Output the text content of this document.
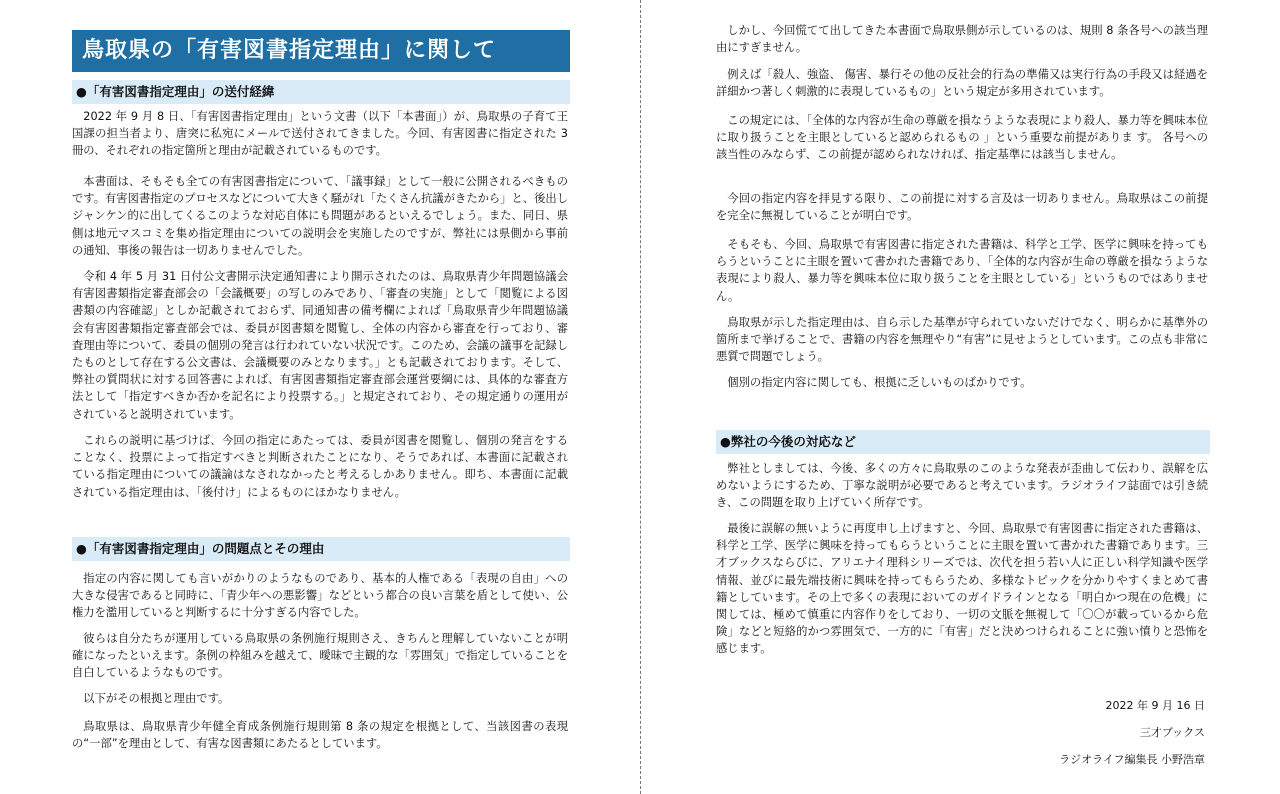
鳥取県の「有害図書指定理由」に関して
●「有害図書指定理由」の送付経緯

2022 年 9 月 8 日、「有害図書指定理由」という文書（以下「本書面」）が、鳥取県の子育て王国課の担当者より、唐突に私宛にメールで送付されてきました。今回、有害図書に指定された 3 冊の、それぞれの指定箇所と理由が記載されているものです。

本書面は、そもそも全ての有害図書指定について、「議事録」として一般に公開されるべきものです。有害図書指定のプロセスなどについて大きく騒がれ「たくさん抗議がきたから」と、後出しジャンケン的に出してくるこのような対応自体にも問題があるといえるでしょう。また、同日、県側は地元マスコミを集め指定理由についての説明会を実施したのですが、弊社には県側から事前の通知、事後の報告は一切ありませんでした。

令和 4 年 5 月 31 日付公文書開示決定通知書により開示されたのは、鳥取県青少年問題協議会有害図書類指定審査部会の「会議概要」の写しのみであり、「審査の実施」として「閲覧による図書類の内容確認」としか記載されておらず、同通知書の備考欄によれば「鳥取県青少年問題協議会有害図書類指定審査部会では、委員が図書類を閲覧し、全体の内容から審査を行っており、審査理由等について、委員の個別の発言は行われていない状況です。このため、会議の議事を記録したものとして存在する公文書は、会議概要のみとなります。」とも記載されております。そして、弊社の質問状に対する回答書によれば、有害図書類指定審査部会運営要綱には、具体的な審査方法として「指定すべきか否かを記名により投票する。」と規定されており、その規定通りの運用がされていると説明されています。

これらの説明に基づけば、今回の指定にあたっては、委員が図書を閲覧し、個別の発言をすることなく、投票によって指定すべきと判断されたことになり、そうであれば、本書面に記載されている指定理由についての議論はなされなかったと考えるしかありません。即ち、本書面に記載されている指定理由は、「後付け」によるものにほかなりません。

●「有害図書指定理由」の問題点とその理由

指定の内容に関しても言いがかりのようなものであり、基本的人権である「表現の自由」への大きな侵害であると同時に、「青少年への悪影響」などという都合の良い言葉を盾として使い、公権力を濫用していると判断するに十分すぎる内容でした。

彼らは自分たちが運用している鳥取県の条例施行規則さえ、きちんと理解していないことが明確になったといえます。条例の枠組みを越えて、曖昧で主観的な「雰囲気」で指定していることを自白しているようなものです。

以下がその根拠と理由です。

鳥取県は、鳥取県青少年健全育成条例施行規則第 8 条の規定を根拠として、当該図書の表現の“一部”を理由として、有害な図書類にあたるとしています。

しかし、今回慌てて出してきた本書面で鳥取県側が示しているのは、規則 8 条各号への該当理由にすぎません。

例えば「殺人、強盗、 傷害、暴行その他の反社会的行為の準備又は実行行為の手段又は経過を詳細かつ著しく刺激的に表現しているもの」という規定が多用されています。

この規定には、「全体的な内容が生命の尊厳を損なうような表現により殺人、暴力等を興味本位に取り扱うことを主眼としていると認められるもの 」という重要な前提がありま す。 各号への該当性のみならず、この前提が認められなければ、指定基準には該当しません。

今回の指定内容を拝見する限り、この前提に対する言及は一切ありません。鳥取県はこの前提を完全に無視していることが明白です。

そもそも、今回、鳥取県で有害図書に指定された書籍は、科学と工学、医学に興味を持ってもらうということに主眼を置いて書かれた書籍であり、「全体的な内容が生命の尊厳を損なうような表現により殺人、暴力等を興味本位に取り扱うことを主眼としている」というものではありません。

鳥取県が示した指定理由は、自ら示した基準が守られていないだけでなく、明らかに基準外の箇所まで挙げることで、書籍の内容を無理やり“有害”に見せようとしています。この点も非常に悪質で問題でしょう。

個別の指定内容に関しても、根拠に乏しいものばかりです。

●弊社の今後の対応など

弊社としましては、今後、多くの方々に鳥取県のこのような発表が歪曲して伝わり、誤解を広めないようにするため、丁寧な説明が必要であると考えています。ラジオライフ誌面では引き続き、この問題を取り上げていく所存です。

最後に誤解の無いように再度申し上げますと、今回、鳥取県で有害図書に指定された書籍は、科学と工学、医学に興味を持ってもらうということに主眼を置いて書かれた書籍であります。三才ブックスならびに、アリエナイ理科シリーズでは、次代を担う若い人に正しい科学知識や医学情報、並びに最先端技術に興味を持ってもらうため、多様なトピックを分かりやすくまとめて書籍としています。その上で多くの表現においてのガイドラインとなる「明白かつ現在の危機」に関しては、極めて慎重に内容作りをしており、一切の文脈を無視して「〇〇が載っているから危険」などと短絡的かつ雰囲気で、一方的に「有害」だと決めつけられることに強い憤りと恐怖を感じます。

2022 年 9 月 16 日
三才ブックス
ラジオライフ編集長 小野浩章
